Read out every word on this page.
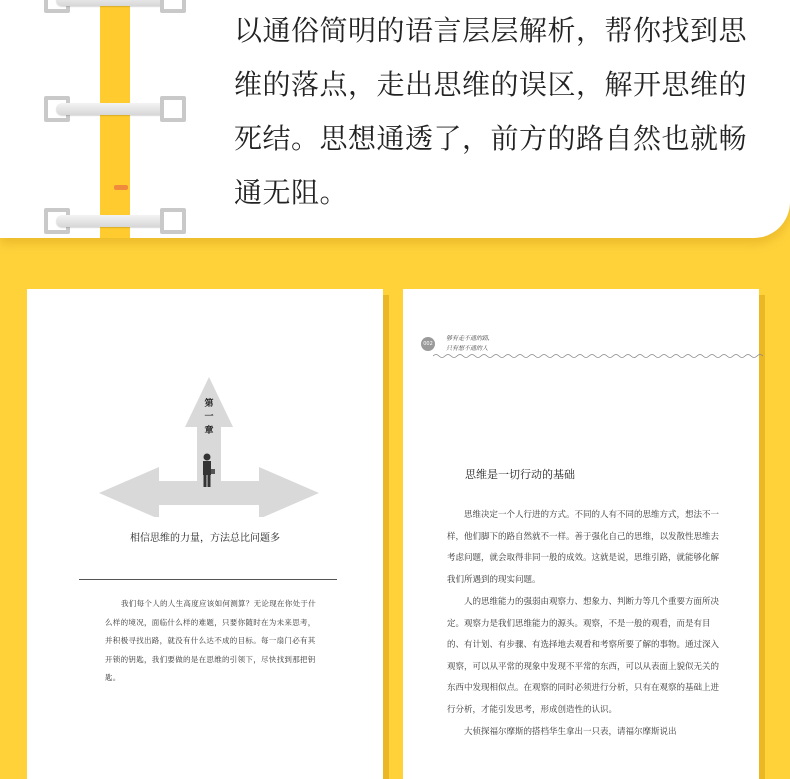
以通俗简明的语言层层解析，帮你找到思
维的落点，走出思维的误区，解开思维的
死结。思想通透了，前方的路自然也就畅
通无阻。

第
一
章
相信思维的力量，方法总比问题多

我们每个人的人生高度应该如何测算？无论现在你处于什么样的境况，面临什么样的难题，只要你随时在为未来思考，并积极寻找出路，就没有什么达不成的目标。每一扇门必有其开锁的钥匙，我们要做的是在思维的引领下，尽快找到那把钥匙。

002
够有走不通的路,
只有想不通的人
思维是一切行动的基础

思维决定一个人行进的方式。不同的人有不同的思维方式，想法不一样，他们脚下的路自然就不一样。善于强化自己的思维，以发散性思维去考虑问题，就会取得非同一般的成效。这就是说，思维引路，就能够化解我们所遇到的现实问题。

人的思维能力的强弱由观察力、想象力、判断力等几个重要方面所决定。观察力是我们思维能力的源头。观察，不是一般的观看，而是有目的、有计划、有步骤、有选择地去观看和考察所要了解的事物。通过深入观察，可以从平常的现象中发现不平常的东西，可以从表面上貌似无关的东西中发现相似点。在观察的同时必须进行分析，只有在观察的基础上进行分析，才能引发思考，形成创造性的认识。

大侦探福尔摩斯的搭档华生拿出一只表，请福尔摩斯说出
